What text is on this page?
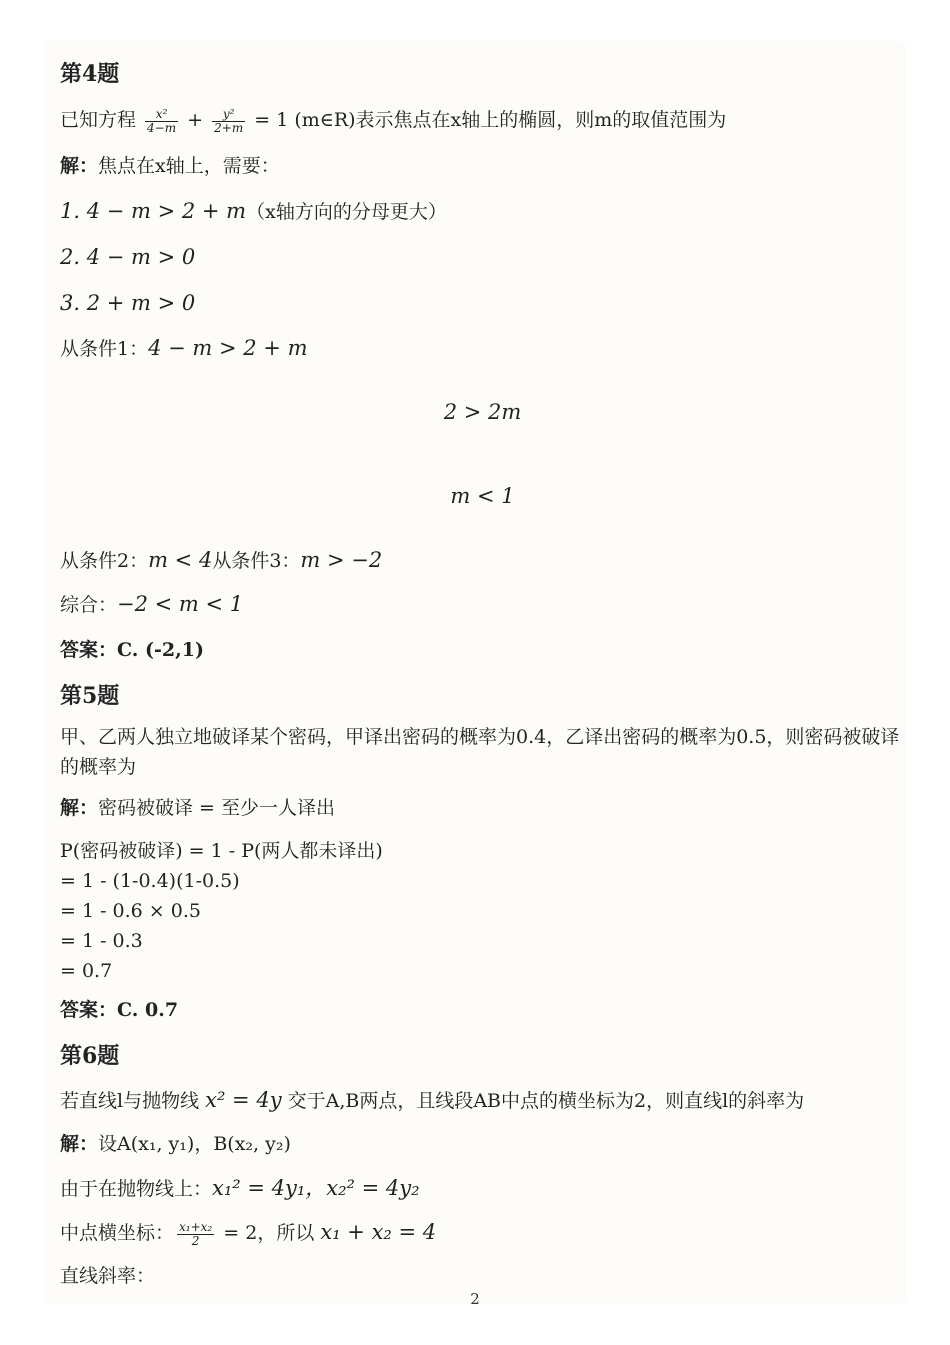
第4题
已知方程 $\frac{\text{x²}}{4-m} + \frac{\text{y²}}{2+m} = 1$ (m∈R)表示焦点在x轴上的椭圆，则m的取值范围为
解：焦点在x轴上，需要：
1. 4 − m > 2 + m（x轴方向的分母更大）
2. 4 − m > 0
3. 2 + m > 0
从条件1：4 − m > 2 + m
2 > 2m
m < 1
从条件2：m < 4从条件3：m > −2
综合：−2 < m < 1
答案：C. (-2,1)
第5题
甲、乙两人独立地破译某个密码，甲译出密码的概率为0.4，乙译出密码的概率为0.5，则密码被破译的概率为
解：密码被破译 = 至少一人译出
P(密码被破译) = 1 - P(两人都未译出)
= 1 - (1-0.4)(1-0.5)
= 1 - 0.6 × 0.5
= 1 - 0.3
= 0.7
答案：C. 0.7
第6题
若直线l与抛物线 x² = 4y 交于A,B两点，且线段AB中点的横坐标为2，则直线l的斜率为
解：设A(x₁, y₁)，B(x₂, y₂)
由于在抛物线上：x₁² = 4y₁，x₂² = 4y₂
中点横坐标： $\frac{\text{x₁+x₂}}{2} = 2$，所以 x₁ + x₂ = 4
直线斜率：
2
